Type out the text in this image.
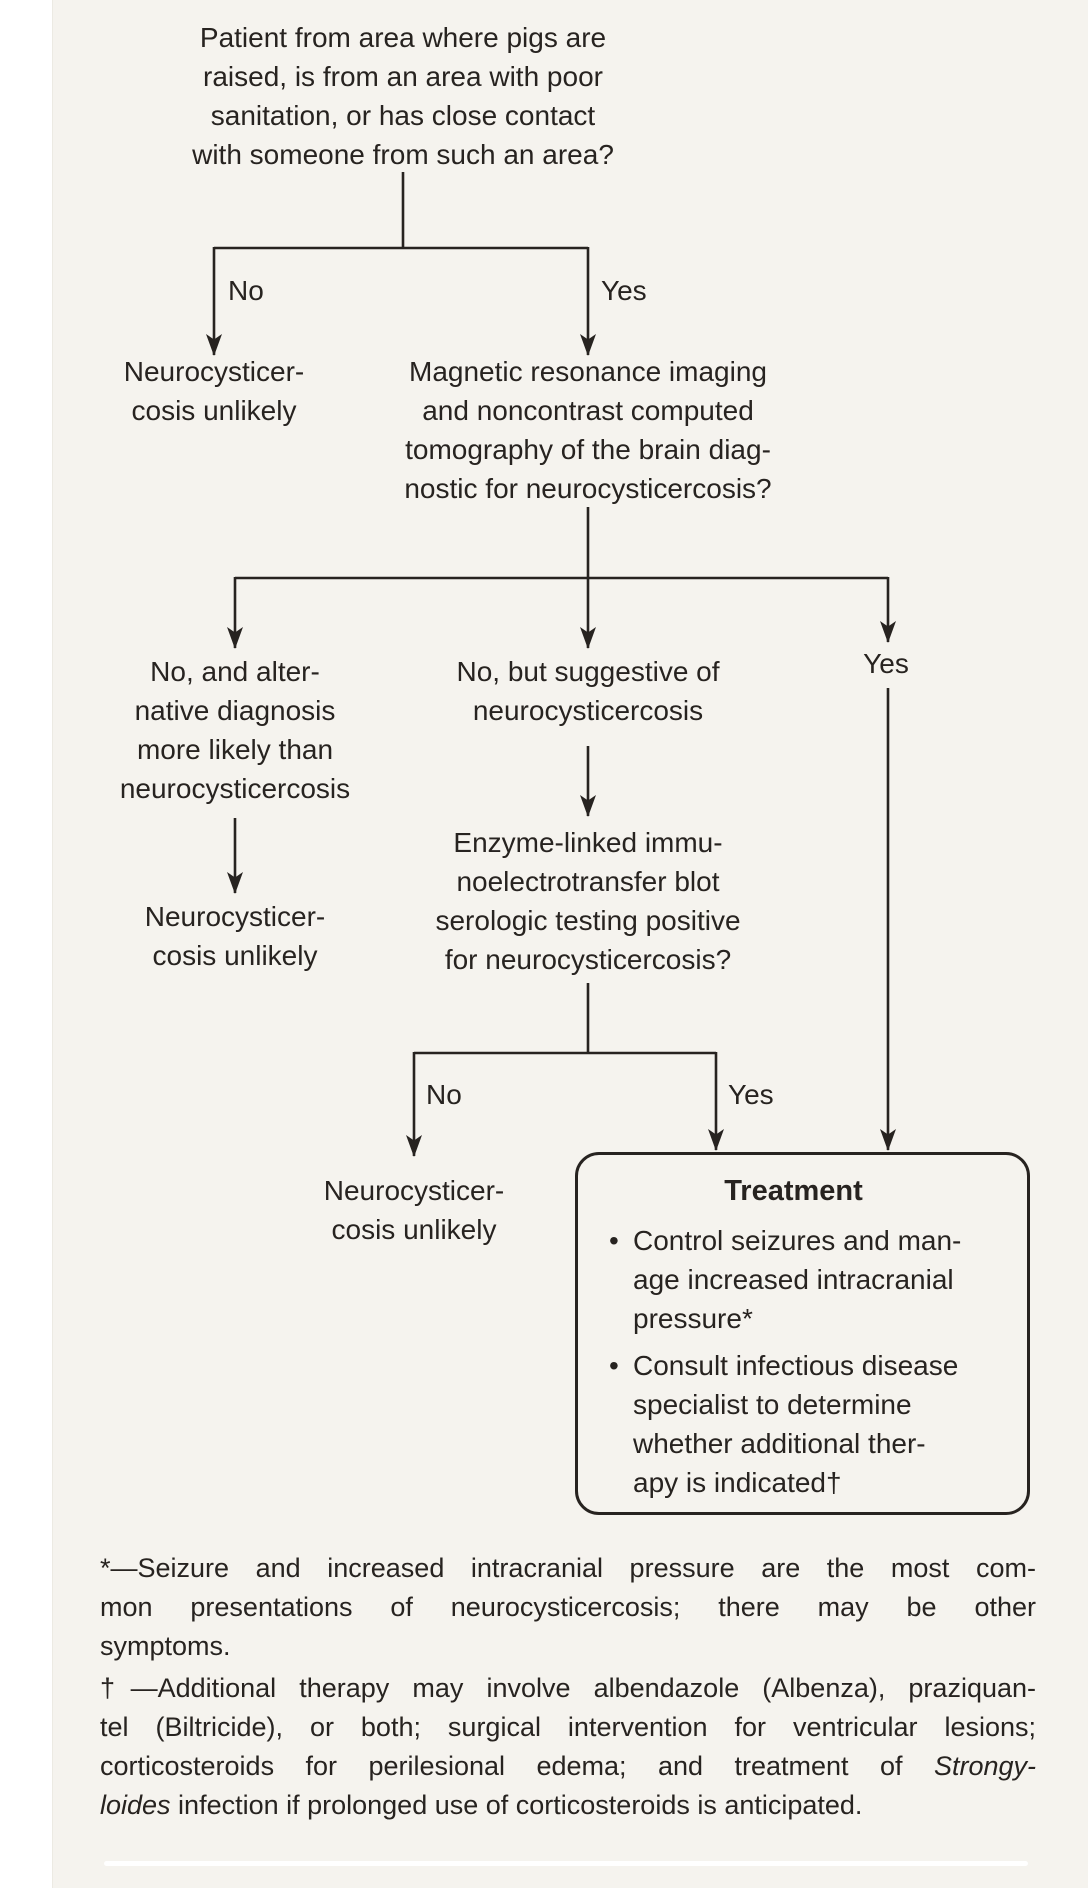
Patient from area where pigs are
raised, is from an area with poor
sanitation, or has close contact
with someone from such an area?
No	Yes
Neurocysticer-
cosis unlikely
Magnetic resonance imaging
and noncontrast computed
tomography of the brain diag-
nostic for neurocysticercosis?
No, and alter-
native diagnosis
more likely than
neurocysticercosis
No, but suggestive of
neurocysticercosis
Yes
Neurocysticer-
cosis unlikely
Enzyme-linked immu-
noelectrotransfer blot
serologic testing positive
for neurocysticercosis?
No	Yes
Neurocysticer-
cosis unlikely
Treatment
• Control seizures and man-
age increased intracranial
pressure*
• Consult infectious disease
specialist to determine
whether additional ther-
apy is indicated†
*—Seizure and increased intracranial pressure are the most com-
mon presentations of neurocysticercosis; there may be other
symptoms.
†—Additional therapy may involve albendazole (Albenza), praziquan-
tel (Biltricide), or both; surgical intervention for ventricular lesions;
corticosteroids for perilesional edema; and treatment of Strongy-
loides infection if prolonged use of corticosteroids is anticipated.
